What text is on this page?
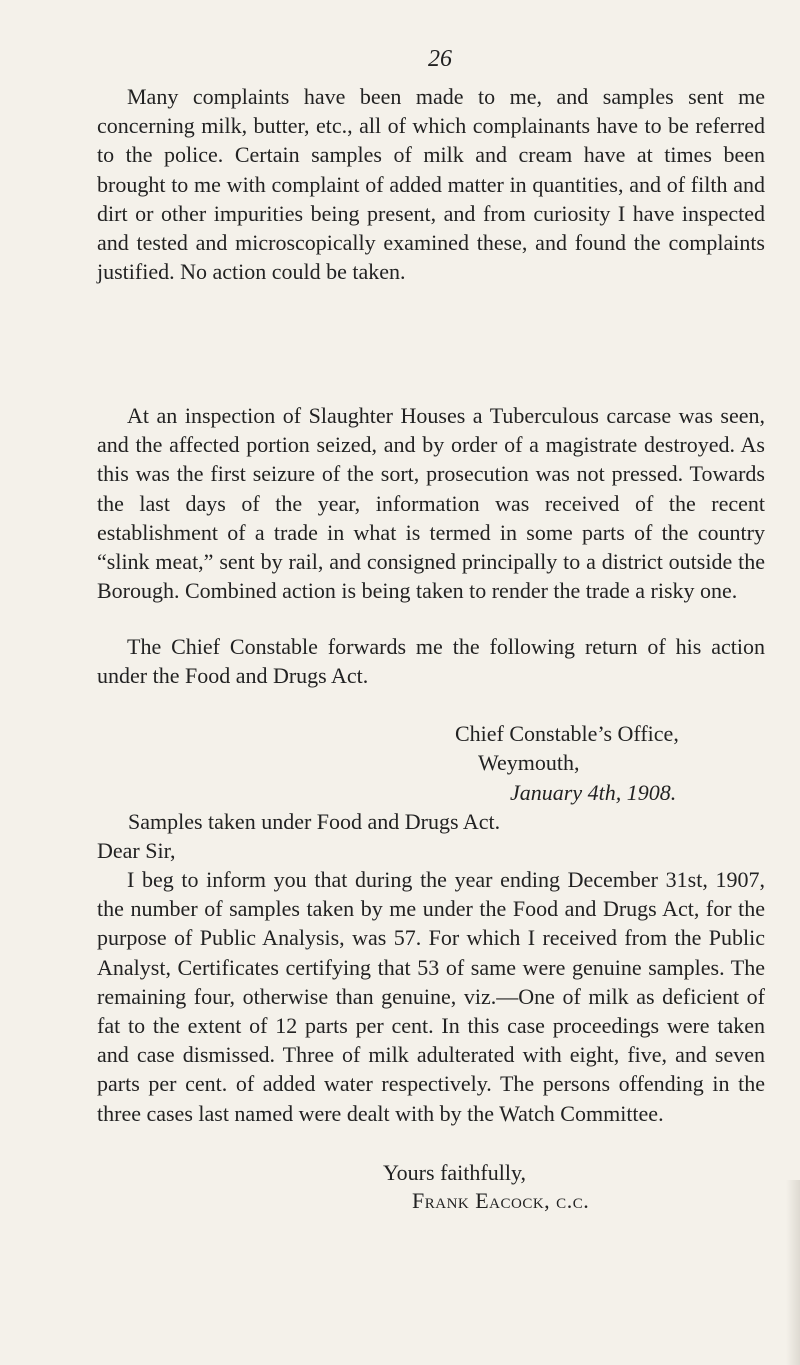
26

Many complaints have been made to me, and samples sent me concerning milk, butter, etc., all of which complainants have to be referred to the police. Certain samples of milk and cream have at times been brought to me with complaint of added matter in quantities, and of filth and dirt or other impurities being present, and from curiosity I have inspected and tested and microscopically examined these, and found the complaints justified. No action could be taken.

At an inspection of Slaughter Houses a Tuberculous carcase was seen, and the affected portion seized, and by order of a magistrate destroyed. As this was the first seizure of the sort, prosecution was not pressed. Towards the last days of the year, information was received of the recent establishment of a trade in what is termed in some parts of the country “slink meat,” sent by rail, and consigned principally to a district outside the Borough. Combined action is being taken to render the trade a risky one.

The Chief Constable forwards me the following return of his action under the Food and Drugs Act.

Chief Constable’s Office,

Weymouth,

January 4th, 1908.

Samples taken under Food and Drugs Act.

Dear Sir,

I beg to inform you that during the year ending December 31st, 1907, the number of samples taken by me under the Food and Drugs Act, for the purpose of Public Analysis, was 57. For which I received from the Public Analyst, Certificates certifying that 53 of same were genuine samples. The remaining four, otherwise than genuine, viz.—One of milk as deficient of fat to the extent of 12 parts per cent. In this case proceedings were taken and case dismissed. Three of milk adulterated with eight, five, and seven parts per cent. of added water respectively. The persons offending in the three cases last named were dealt with by the Watch Committee.

Yours faithfully,

Frank Eacock, c.c.
